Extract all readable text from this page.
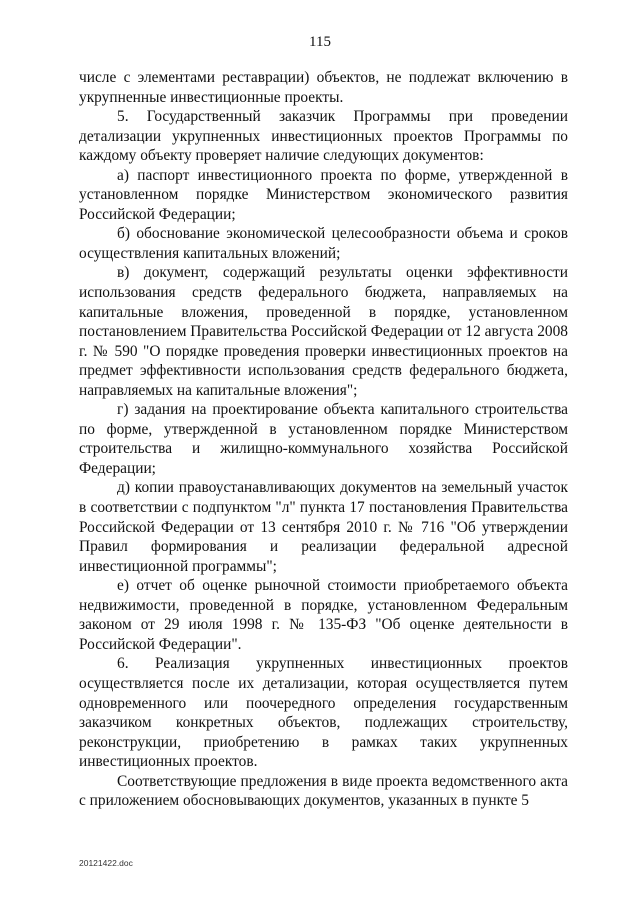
115

числе с элементами реставрации) объектов, не подлежат включению в укрупненные инвестиционные проекты.

5. Государственный заказчик Программы при проведении детализации укрупненных инвестиционных проектов Программы по каждому объекту проверяет наличие следующих документов:

а) паспорт инвестиционного проекта по форме, утвержденной в установленном порядке Министерством экономического развития Российской Федерации;

б) обоснование экономической целесообразности объема и сроков осуществления капитальных вложений;

в) документ, содержащий результаты оценки эффективности использования средств федерального бюджета, направляемых на капитальные вложения, проведенной в порядке, установленном постановлением Правительства Российской Федерации от 12 августа 2008 г. № 590 "О порядке проведения проверки инвестиционных проектов на предмет эффективности использования средств федерального бюджета, направляемых на капитальные вложения";

г) задания на проектирование объекта капитального строительства по форме, утвержденной в установленном порядке Министерством строительства и жилищно-коммунального хозяйства Российской Федерации;

д) копии правоустанавливающих документов на земельный участок в соответствии с подпунктом "л" пункта 17 постановления Правительства Российской Федерации от 13 сентября 2010 г. № 716 "Об утверждении Правил формирования и реализации федеральной адресной инвестиционной программы";

е) отчет об оценке рыночной стоимости приобретаемого объекта недвижимости, проведенной в порядке, установленном Федеральным законом от 29 июля 1998 г. № 135-ФЗ "Об оценке деятельности в Российской Федерации".

6. Реализация укрупненных инвестиционных проектов осуществляется после их детализации, которая осуществляется путем одновременного или поочередного определения государственным заказчиком конкретных объектов, подлежащих строительству, реконструкции, приобретению в рамках таких укрупненных инвестиционных проектов.

Соответствующие предложения в виде проекта ведомственного акта с приложением обосновывающих документов, указанных в пункте 5

20121422.doc
